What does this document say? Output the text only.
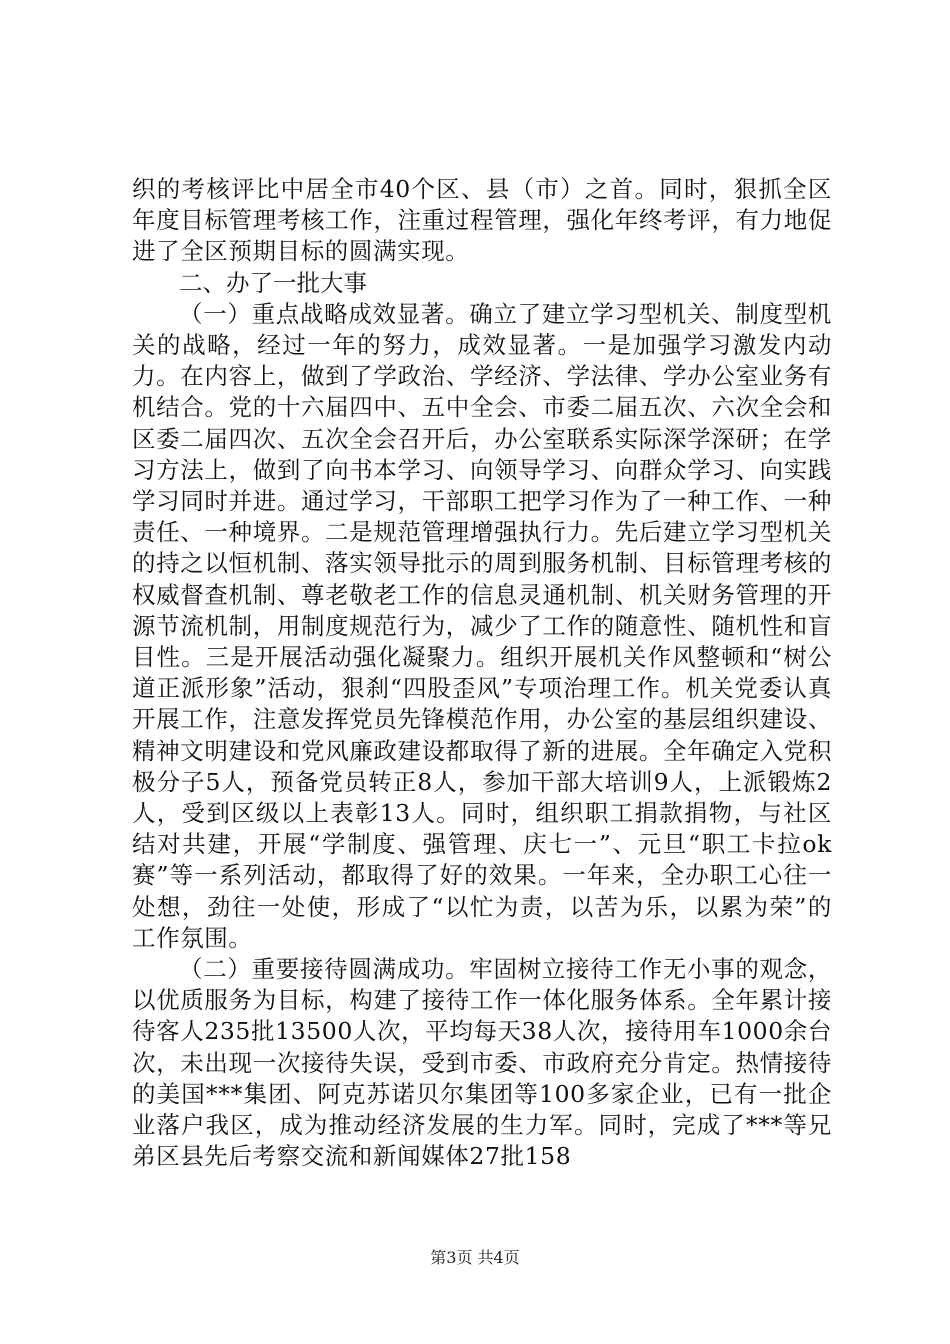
织的考核评比中居全市40个区、县（市）之首。同时，狠抓全区年度目标管理考核工作，注重过程管理，强化年终考评，有力地促进了全区预期目标的圆满实现。

二、办了一批大事

（一）重点战略成效显著。确立了建立学习型机关、制度型机关的战略，经过一年的努力，成效显著。一是加强学习激发内动力。在内容上，做到了学政治、学经济、学法律、学办公室业务有机结合。党的十六届四中、五中全会、市委二届五次、六次全会和区委二届四次、五次全会召开后，办公室联系实际深学深研；在学习方法上，做到了向书本学习、向领导学习、向群众学习、向实践学习同时并进。通过学习，干部职工把学习作为了一种工作、一种责任、一种境界。二是规范管理增强执行力。先后建立学习型机关的持之以恒机制、落实领导批示的周到服务机制、目标管理考核的权威督查机制、尊老敬老工作的信息灵通机制、机关财务管理的开源节流机制，用制度规范行为，减少了工作的随意性、随机性和盲目性。三是开展活动强化凝聚力。组织开展机关作风整顿和“树公道正派形象”活动，狠刹“四股歪风”专项治理工作。机关党委认真开展工作，注意发挥党员先锋模范作用，办公室的基层组织建设、精神文明建设和党风廉政建设都取得了新的进展。全年确定入党积极分子5人，预备党员转正8人，参加干部大培训9人，上派锻炼2人，受到区级以上表彰13人。同时，组织职工捐款捐物，与社区结对共建，开展“学制度、强管理、庆七一”、元旦“职工卡拉ok赛”等一系列活动，都取得了好的效果。一年来，全办职工心往一处想，劲往一处使，形成了“以忙为责，以苦为乐，以累为荣”的工作氛围。

（二）重要接待圆满成功。牢固树立接待工作无小事的观念，以优质服务为目标，构建了接待工作一体化服务体系。全年累计接待客人235批13500人次，平均每天38人次，接待用车1000余台次，未出现一次接待失误，受到市委、市政府充分肯定。热情接待的美国***集团、阿克苏诺贝尔集团等100多家企业，已有一批企业落户我区，成为推动经济发展的生力军。同时，完成了***等兄弟区县先后考察交流和新闻媒体27批158

第3页 共4页
